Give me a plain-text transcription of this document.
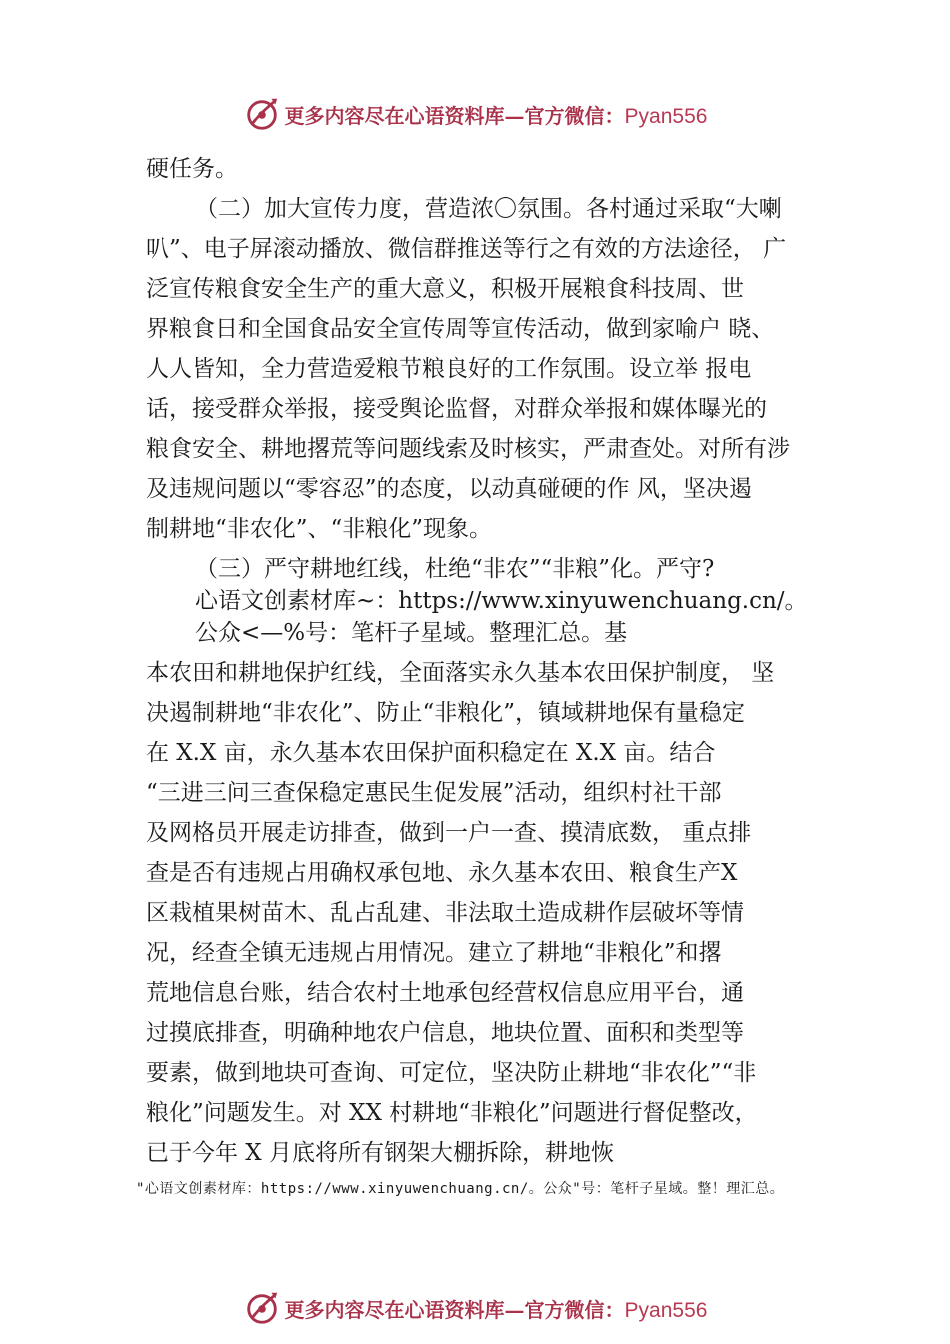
更多内容尽在心语资料库—官方微信：Pyan556
硬任务。
（二）加大宣传力度，营造浓〇氛围。各村通过采取“大喇
叭”、电子屏滚动播放、微信群推送等行之有效的方法途径， 广
泛宣传粮食安全生产的重大意义，积极开展粮食科技周、世
界粮食日和全国食品安全宣传周等宣传活动，做到家喻户 晓、
人人皆知，全力营造爱粮节粮良好的工作氛围。设立举 报电
话，接受群众举报，接受舆论监督，对群众举报和媒体曝光的
粮食安全、耕地撂荒等问题线索及时核实，严肃查处。对所有涉
及违规问题以“零容忍”的态度，以动真碰硬的作 风，坚决遏
制耕地“非农化”、“非粮化”现象。
（三）严守耕地红线，杜绝“非农”“非粮”化。严守?
心语文创素材库~：https://www.xinyuwenchuang.cn/。
公众<—%号：笔杆子星域。整理汇总。基
本农田和耕地保护红线，全面落实永久基本农田保护制度， 坚
决遏制耕地“非农化”、防止“非粮化”，镇域耕地保有量稳定
在 X.X 亩，永久基本农田保护面积稳定在 X.X 亩。结合
“三进三问三查保稳定惠民生促发展”活动，组织村社干部
及网格员开展走访排查，做到一户一查、摸清底数， 重点排
查是否有违规占用确权承包地、永久基本农田、粮食生产X
区栽植果树苗木、乱占乱建、非法取土造成耕作层破坏等情
况，经查全镇无违规占用情况。建立了耕地“非粮化”和撂
荒地信息台账，结合农村土地承包经营权信息应用平台，通
过摸底排查，明确种地农户信息，地块位置、面积和类型等
要素，做到地块可查询、可定位，坚决防止耕地“非农化”“非
粮化”问题发生。对 XX 村耕地“非粮化”问题进行督促整改，
已于今年 X 月底将所有钢架大棚拆除，耕地恢
"心语文创素材库：https://www.xinyuwenchuang.cn/。公众"号：笔杆子星域。整！理汇总。
更多内容尽在心语资料库—官方微信：Pyan556
